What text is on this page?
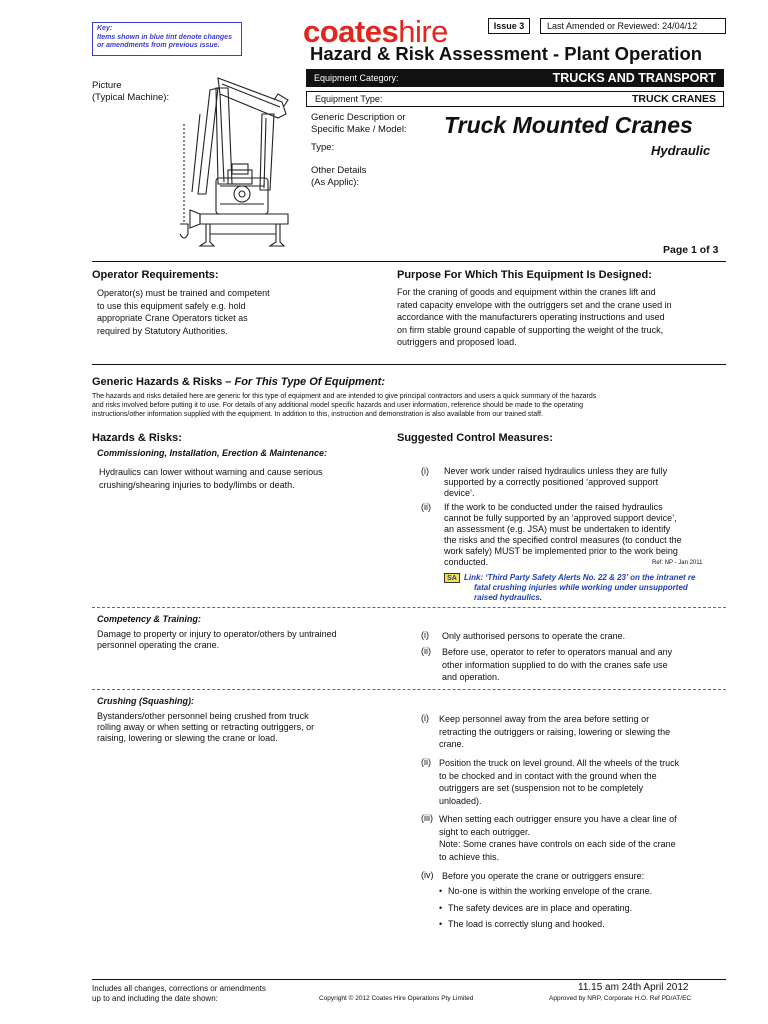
Key:
Items shown in blue tint denote changes
or amendments from previous issue.	coateshire	Issue 3	Last Amended or Reviewed: 24/04/12
Hazard & Risk Assessment - Plant Operation
Picture
(Typical Machine):
Equipment Category:	TRUCKS AND TRANSPORT
Equipment Type:	TRUCK CRANES
Generic Description or
Specific Make / Model:
Type:
Other Details
(As Applic):
Truck Mounted Cranes
Hydraulic
Page 1 of 3
Operator Requirements:
Operator(s) must be trained and competent
to use this equipment safely e.g. hold
appropriate Crane Operators ticket as
required by Statutory Authorities.
Purpose For Which This Equipment Is Designed:
For the craning of goods and equipment within the cranes lift and
rated capacity envelope with the outriggers set and the crane used in
accordance with the manufacturers operating instructions and used
on firm stable ground capable of supporting the weight of the truck,
outriggers and proposed load.
Generic Hazards & Risks – For This Type Of Equipment:
The hazards and risks detailed here are generic for this type of equipment and are intended to give principal contractors and users a quick summary of the hazards
and risks involved before putting it to use. For details of any additional model specific hazards and user information, reference should be made to the operating
instructions/other information supplied with the equipment. In addition to this, instruction and demonstration is also available from our trained staff.
Hazards & Risks:	Suggested Control Measures:
Commissioning, Installation, Erection & Maintenance:
Hydraulics can lower without warning and cause serious
crushing/shearing injuries to body/limbs or death.
(i) Never work under raised hydraulics unless they are fully
supported by a correctly positioned ‘approved support
device’.
(ii) If the work to be conducted under the raised hydraulics
cannot be fully supported by an ‘approved support device’,
an assessment (e.g. JSA) must be undertaken to identify
the risks and the specified control measures (to conduct the
work safely) MUST be implemented prior to the work being
conducted.	Ref: NP - Jan 2011
SA Link: ‘Third Party Safety Alerts No. 22 & 23’ on the intranet re
fatal crushing injuries while working under unsupported
raised hydraulics.
Competency & Training:
Damage to property or injury to operator/others by untrained
personnel operating the crane.
(i) Only authorised persons to operate the crane.
(ii) Before use, operator to refer to operators manual and any
other information supplied to do with the cranes safe use
and operation.
Crushing (Squashing):
Bystanders/other personnel being crushed from truck
rolling away or when setting or retracting outriggers, or
raising, lowering or slewing the crane or load.
(i) Keep personnel away from the area before setting or
retracting the outriggers or raising, lowering or slewing the
crane.
(ii) Position the truck on level ground. All the wheels of the truck
to be chocked and in contact with the ground when the
outriggers are set (suspension not to be completely
unloaded).
(iii) When setting each outrigger ensure you have a clear line of
sight to each outrigger.
Note: Some cranes have controls on each side of the crane
to achieve this.
(iv) Before you operate the crane or outriggers ensure:
• No-one is within the working envelope of the crane.
• The safety devices are in place and operating.
• The load is correctly slung and hooked.
Includes all changes, corrections or amendments
up to and including the date shown:	Copyright © 2012 Coates Hire Operations Pty Limited
11.15 am 24th April 2012
Approved by NRP, Corporate H.O. Ref PD/AT/EC
